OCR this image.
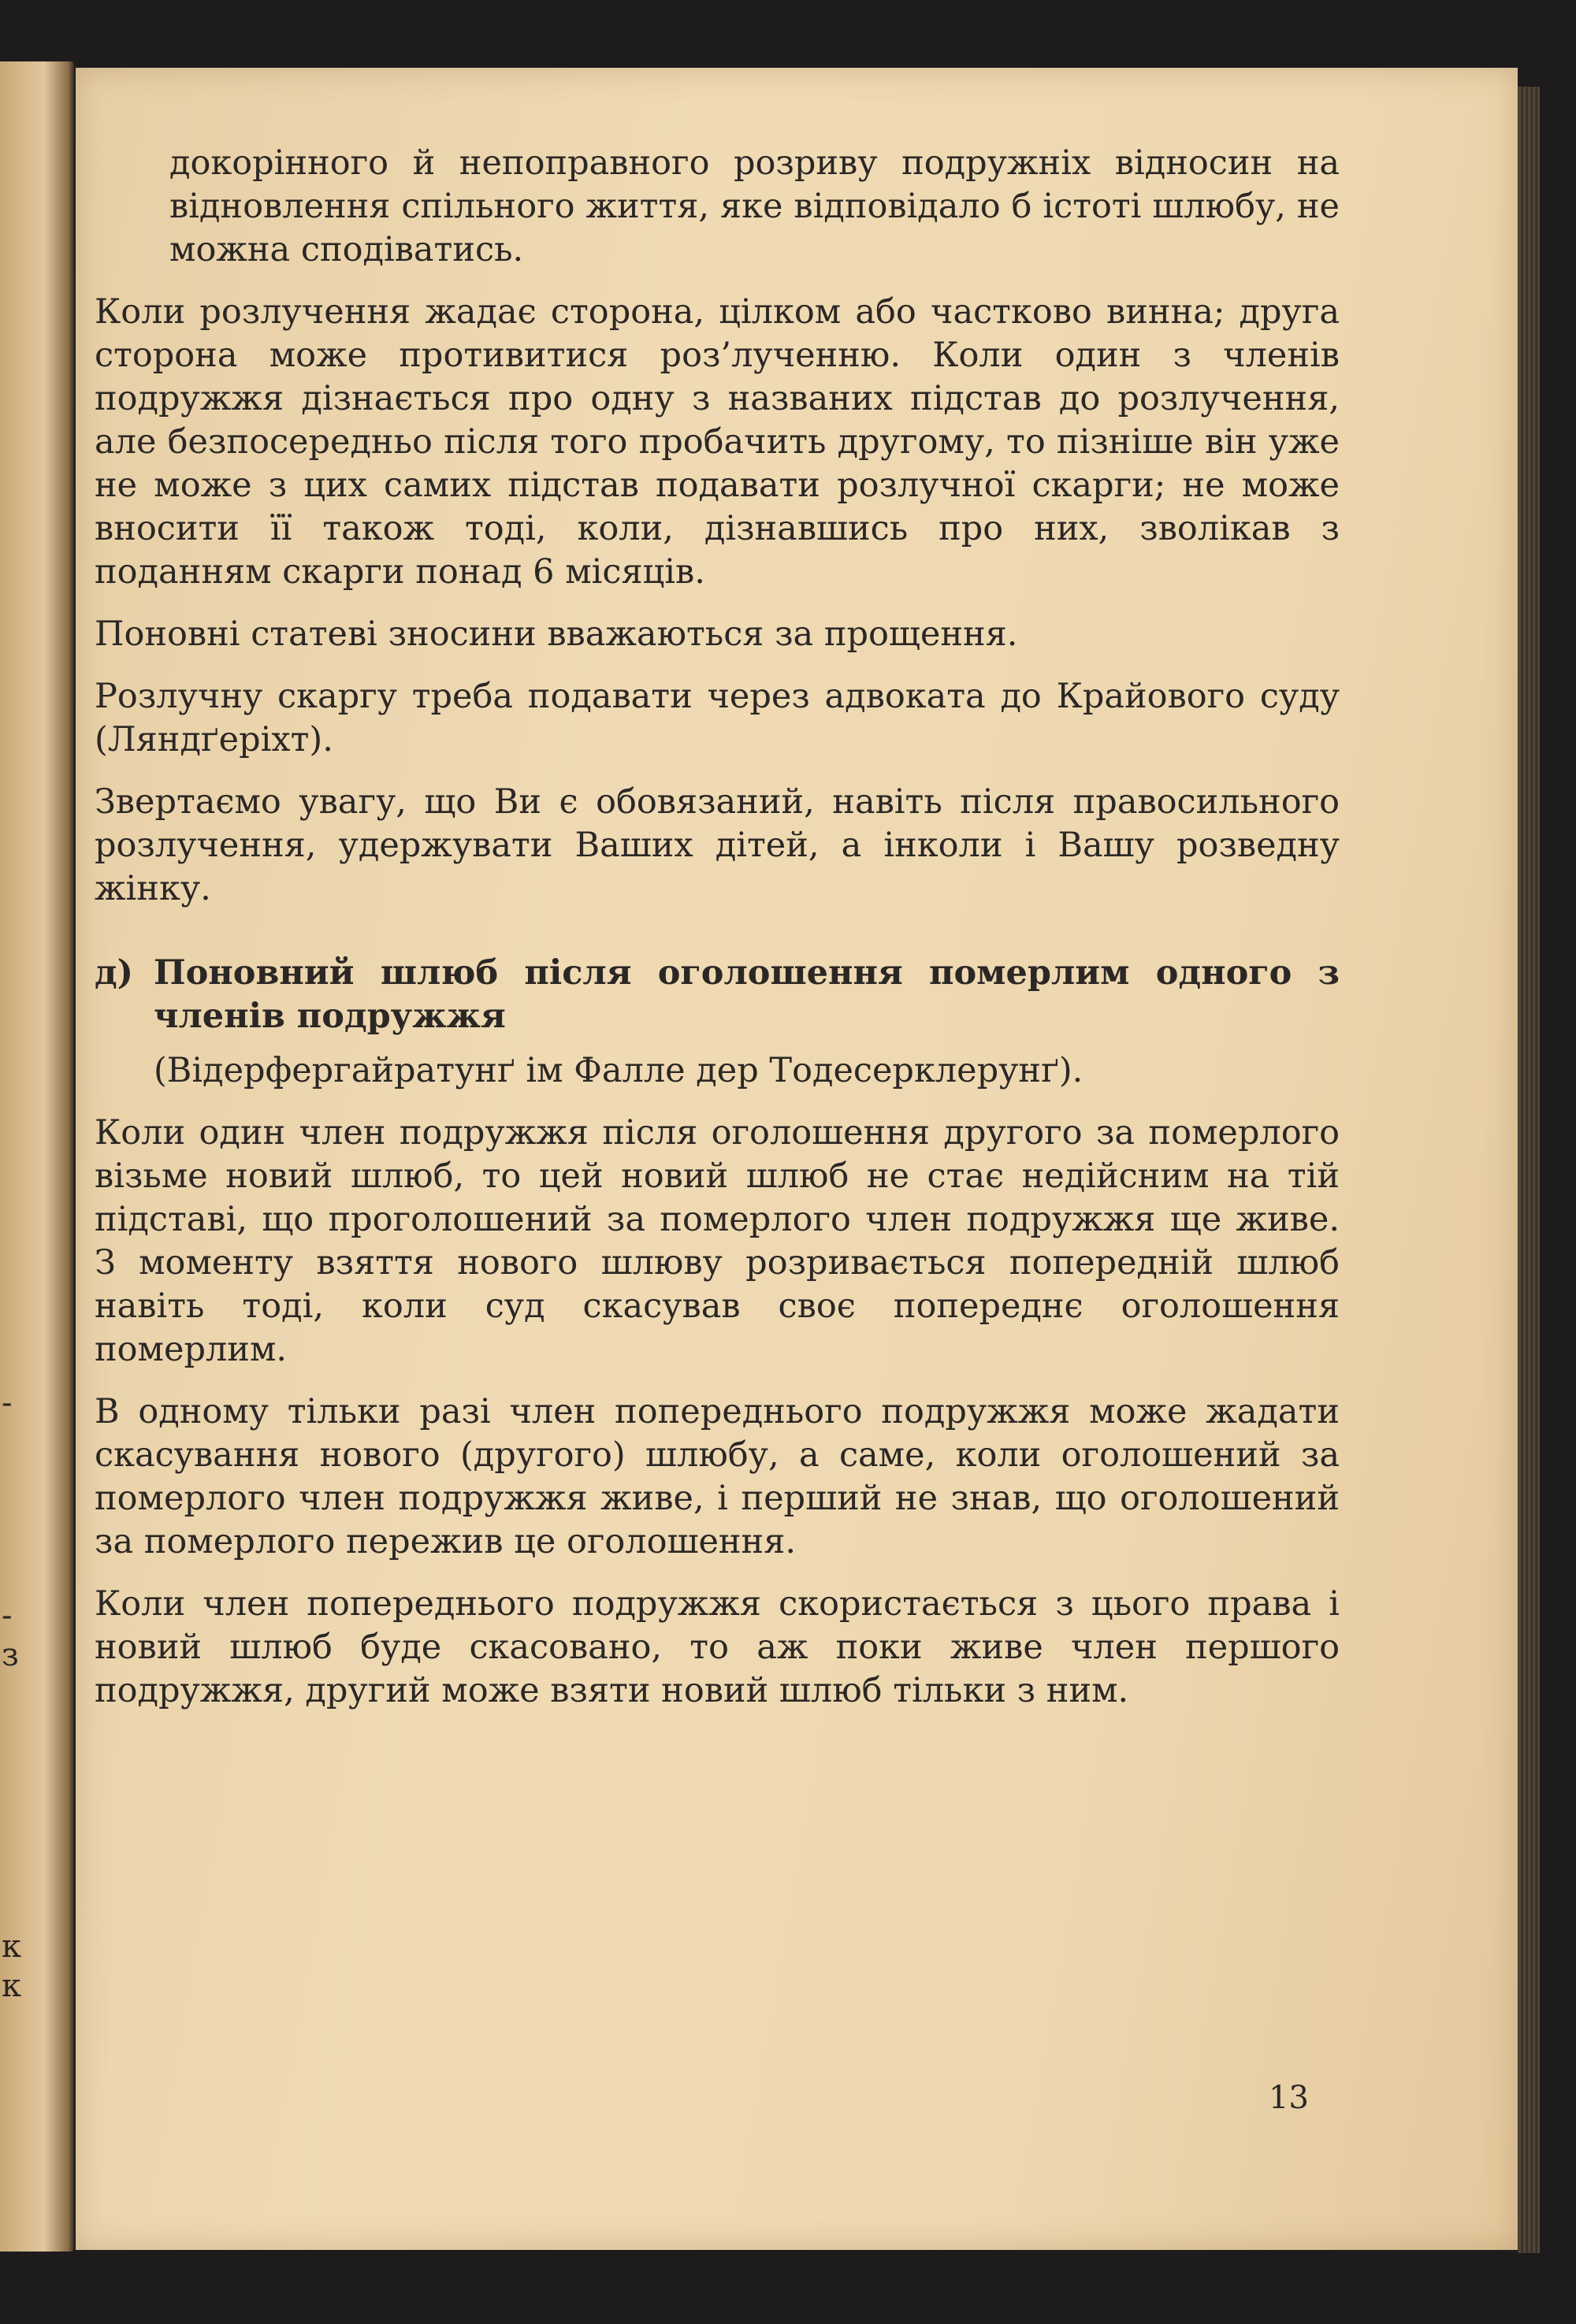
-
-
з
к
к

докорінного й непоправного розриву подружніх відносин на відновлення спільного життя, яке відповідало б істоті шлюбу, не можна сподіватись.

Коли розлучення жадає сторона, цілком або частково винна; друга сторона може противитися роз’лученню. Коли один з членів подружжя дізнається про одну з названих підстав до розлучення, але безпосередньо після того пробачить другому, то пізніше він уже не може з цих самих підстав подавати розлучної скарги; не може вносити її також тоді, коли, дізнавшись про них, зволікав з поданням скарги понад 6 місяців.

Поновні статеві зносини вважаються за прощення.

Розлучну скаргу треба подавати через адвоката до Крайового суду (Ляндґеріхт).

Звертаємо увагу, що Ви є обовязаний, навіть після правосильного розлучення, удержувати Ваших дітей, а інколи і Вашу розведну жінку.

д) Поновний шлюб після оголошення померлим одного з членів подружжя

(Відерфергайратунґ ім Фалле дер Тодесерклерунґ).

Коли один член подружжя після оголошення другого за померлого візьме новий шлюб, то цей новий шлюб не стає недійсним на тій підставі, що проголошений за померлого член подружжя ще живе. З моменту взяття нового шлюву розривається попередній шлюб навіть тоді, коли суд скасував своє попереднє оголошення померлим.

В одному тільки разі член попереднього подружжя може жадати скасування нового (дpугого) шлюбу, а саме, коли оголошений за померлого член подружжя живе, і перший не знав, що оголошений за померлого пережив це оголошення.

Коли член попереднього подружжя скористається з цього права і новий шлюб буде скасовано, то аж поки живе член першого подружжя, другий може взяти новий шлюб тільки з ним.

13
